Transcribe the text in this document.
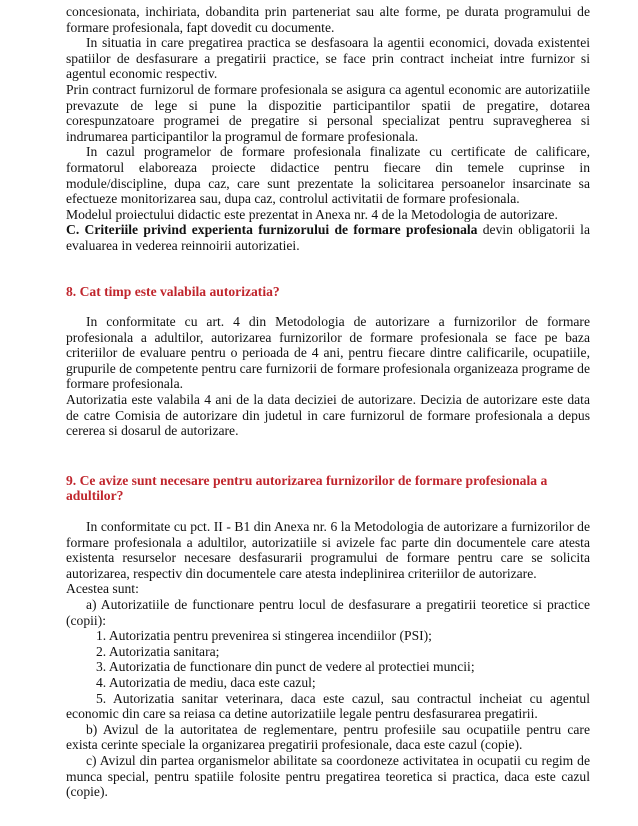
concesionata, inchiriata, dobandita prin parteneriat sau alte forme, pe durata programului de formare profesionala, fapt dovedit cu documente.

In situatia in care pregatirea practica se desfasoara la agentii economici, dovada existentei spatiilor de desfasurare a pregatirii practice, se face prin contract incheiat intre furnizor si agentul economic respectiv.

Prin contract furnizorul de formare profesionala se asigura ca agentul economic are autorizatiile prevazute de lege si pune la dispozitie participantilor spatii de pregatire, dotarea corespunzatoare programei de pregatire si personal specializat pentru supravegherea si indrumarea participantilor la programul de formare profesionala.

In cazul programelor de formare profesionala finalizate cu certificate de calificare, formatorul elaboreaza proiecte didactice pentru fiecare din temele cuprinse in module/discipline, dupa caz, care sunt prezentate la solicitarea persoanelor insarcinate sa efectueze monitorizarea sau, dupa caz, controlul activitatii de formare profesionala.

Modelul proiectului didactic este prezentat in Anexa nr. 4 de la Metodologia de autorizare.

C. Criteriile privind experienta furnizorului de formare profesionala devin obligatorii la evaluarea in vederea reinnoirii autorizatiei.

8. Cat timp este valabila autorizatia?

In conformitate cu art. 4 din Metodologia de autorizare a furnizorilor de formare profesionala a adultilor, autorizarea furnizorilor de formare profesionala se face pe baza criteriilor de evaluare pentru o perioada de 4 ani, pentru fiecare dintre calificarile, ocupatiile, grupurile de competente pentru care furnizorii de formare profesionala organizeaza programe de formare profesionala.

Autorizatia este valabila 4 ani de la data deciziei de autorizare. Decizia de autorizare este data de catre Comisia de autorizare din judetul in care furnizorul de formare profesionala a depus cererea si dosarul de autorizare.

9. Ce avize sunt necesare pentru autorizarea furnizorilor de formare profesionala a adultilor?

In conformitate cu pct. II - B1 din Anexa nr. 6 la Metodologia de autorizare a furnizorilor de formare profesionala a adultilor, autorizatiile si avizele fac parte din documentele care atesta existenta resurselor necesare desfasurarii programului de formare pentru care se solicita autorizarea, respectiv din documentele care atesta indeplinirea criteriilor de autorizare.

Acestea sunt:

a) Autorizatiile de functionare pentru locul de desfasurare a pregatirii teoretice si practice (copii):

1. Autorizatia pentru prevenirea si stingerea incendiilor (PSI);

2. Autorizatia sanitara;

3. Autorizatia de functionare din punct de vedere al protectiei muncii;

4. Autorizatia de mediu, daca este cazul;

5. Autorizatia sanitar veterinara, daca este cazul, sau contractul incheiat cu agentul economic din care sa reiasa ca detine autorizatiile legale pentru desfasurarea pregatirii.

b) Avizul de la autoritatea de reglementare, pentru profesiile sau ocupatiile pentru care exista cerinte speciale la organizarea pregatirii profesionale, daca este cazul (copie).

c) Avizul din partea organismelor abilitate sa coordoneze activitatea in ocupatii cu regim de munca special, pentru spatiile folosite pentru pregatirea teoretica si practica, daca este cazul (copie).
